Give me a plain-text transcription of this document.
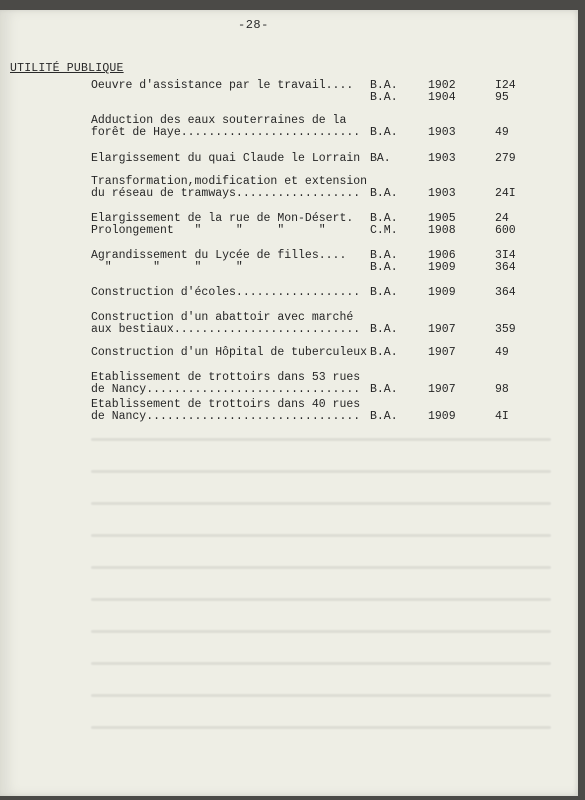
-28-
UTILITÉ PUBLIQUE
Oeuvre d'assistance par le travail.... B.A.	1902	I24
B.A.	1904	95
Adduction des eaux souterraines de la
forêt de Haye.......................... B.A.	1903	49
Elargissement du quai Claude le Lorrain BA.	1903	279
Transformation,modification et extension
du réseau de tramways.................. B.A.	1903	24I
Elargissement de la rue de Mon-Désert. B.A.	1905	24
Prolongement   "     "     "     "	C.M.	1908	600
Agrandissement du Lycée de filles.... B.A.	1906	3I4
"      "     "     "	B.A.	1909	364
Construction d'écoles.................. B.A.	1909	364
Construction d'un abattoir avec marché
aux bestiaux........................... B.A.	1907	359
Construction d'un Hôpital de tuberculeux B.A.	1907	49
Etablissement de trottoirs dans 53 rues
de Nancy............................... B.A.	1907	98
Etablissement de trottoirs dans 40 rues
de Nancy............................... B.A.	1909	4I
